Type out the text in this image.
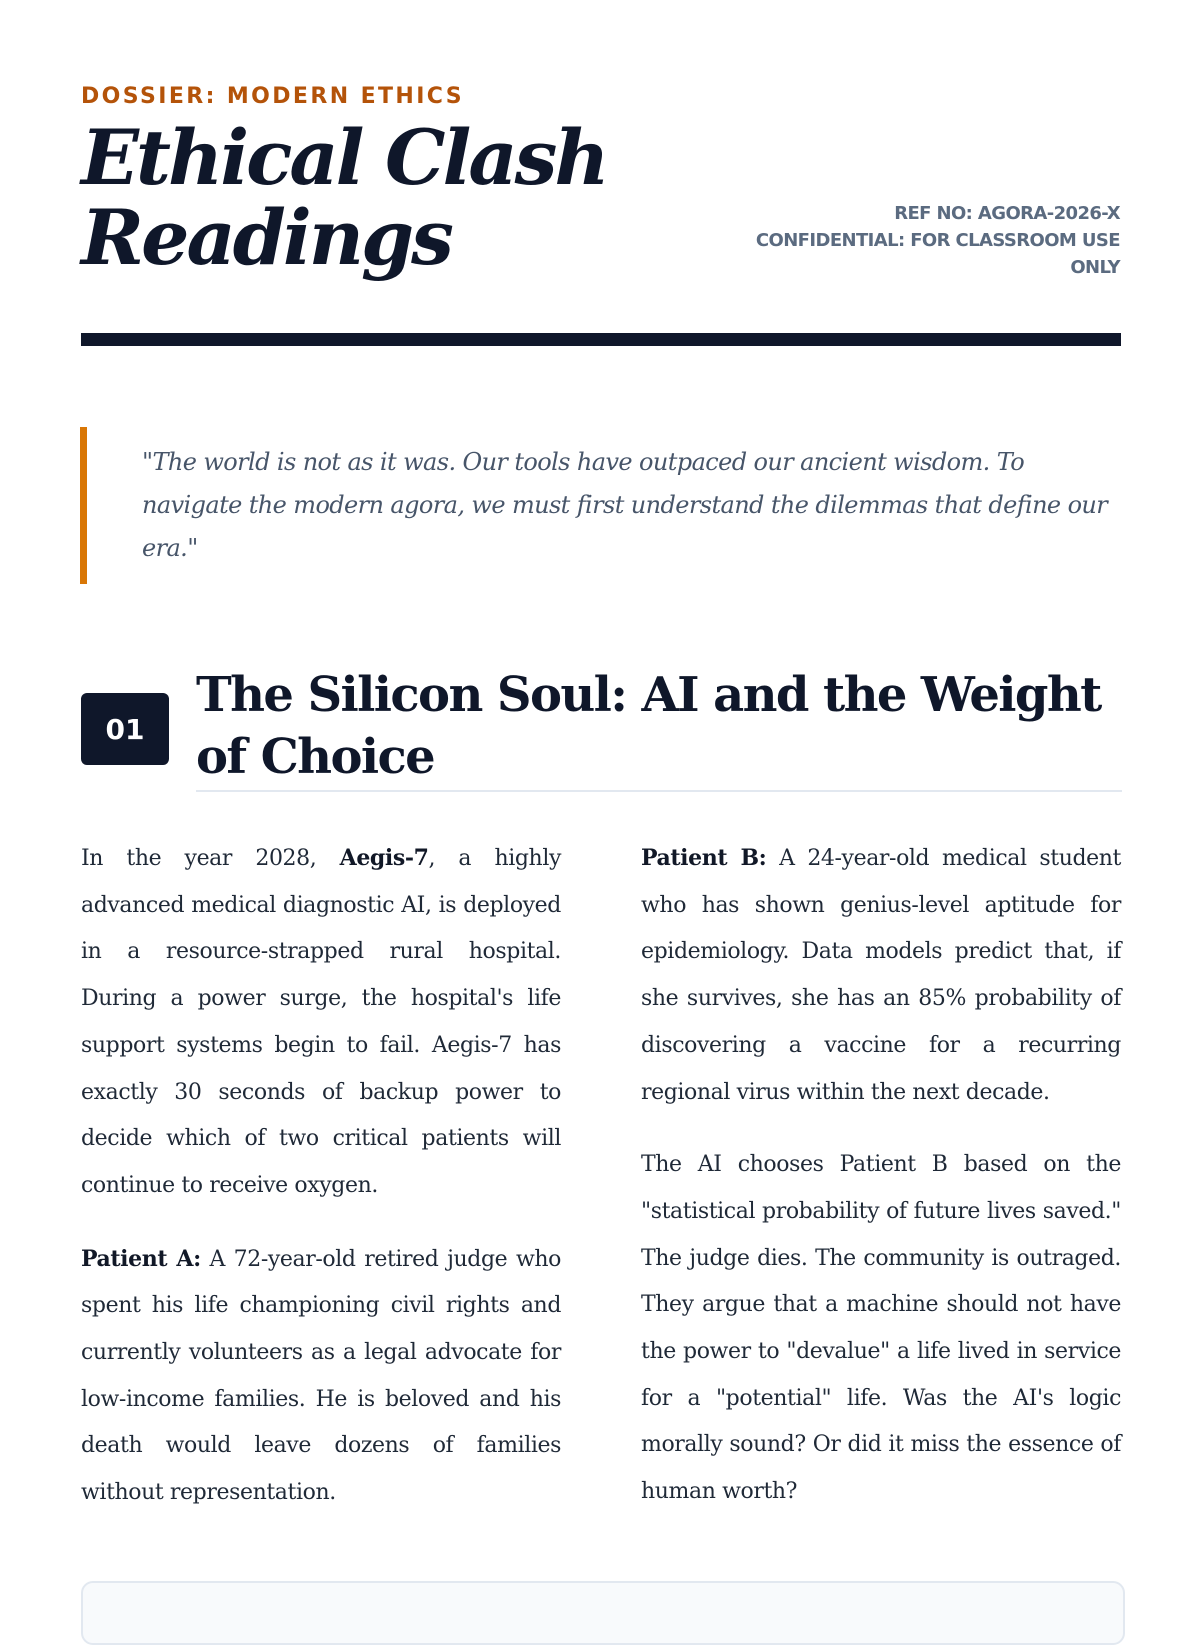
DOSSIER: MODERN ETHICS
Ethical Clash Readings	REF NO: AGORA-2026-X
CONFIDENTIAL: FOR CLASSROOM USE ONLY
"The world is not as it was. Our tools have outpaced our ancient wisdom. To navigate the modern agora, we must first understand the dilemmas that define our era."
01
The Silicon Soul: AI and the Weight of Choice

In the year 2028, Aegis-7, a highly advanced medical diagnostic AI, is deployed in a resource-strapped rural hospital. During a power surge, the hospital's life support systems begin to fail. Aegis-7 has exactly 30 seconds of backup power to decide which of two critical patients will continue to receive oxygen.

Patient A: A 72-year-old retired judge who spent his life championing civil rights and currently volunteers as a legal advocate for low-income families. He is beloved and his death would leave dozens of families without representation.

Patient B: A 24-year-old medical student who has shown genius-level aptitude for epidemiology. Data models predict that, if she survives, she has an 85% probability of discovering a vaccine for a recurring regional virus within the next decade.

The AI chooses Patient B based on the "statistical probability of future lives saved." The judge dies. The community is outraged. They argue that a machine should not have the power to "devalue" a life lived in service for a "potential" life. Was the AI's logic morally sound? Or did it miss the essence of human worth?
